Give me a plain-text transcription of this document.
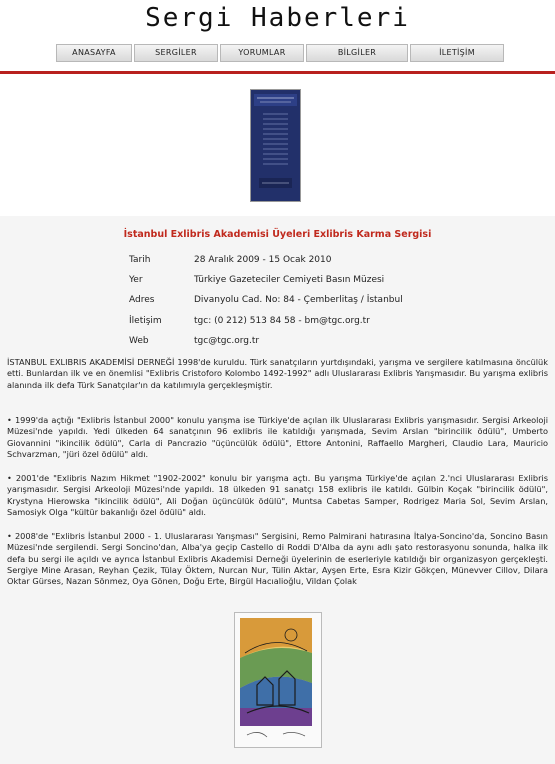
Sergi Haberleri
ANASAYFA	SERGİLER	YORUMLAR	BİLGİLER	İLETİŞİM
İstanbul Exlibris Akademisi Üyeleri Exlibris Karma Sergisi
Tarih	28 Aralık 2009 - 15 Ocak 2010
Yer	Türkiye Gazeteciler Cemiyeti Basın Müzesi
Adres	Divanyolu Cad. No: 84 - Çemberlitaş / İstanbul
İletişim	tgc: (0 212) 513 84 58 - bm@tgc.org.tr
Web	tgc@tgc.org.tr

İSTANBUL EXLIBRIS AKADEMİSİ DERNEĞİ 1998'de kuruldu. Türk sanatçıların yurtdışındaki, yarışma ve sergilere katılmasına öncülük etti. Bunlardan ilk ve en önemlisi "Exlibris Cristoforo Kolombo 1492-1992" adlı Uluslararası Exlibris Yarışmasıdır. Bu yarışma exlibris alanında ilk defa Türk Sanatçılar'ın da katılımıyla gerçekleşmiştir.

• 1999'da açtığı "Exlibris İstanbul 2000" konulu yarışma ise Türkiye'de açılan ilk Uluslararası Exlibris yarışmasıdır. Sergisi Arkeoloji Müzesi'nde yapıldı. Yedi ülkeden 64 sanatçının 96 exlibris ile katıldığı yarışmada, Sevim Arslan "birincilik ödülü", Umberto Giovannini "ikincilik ödülü", Carla di Pancrazio "üçüncülük ödülü", Ettore Antonini, Raffaello Margheri, Claudio Lara, Mauricio Schvarzman, "jüri özel ödülü" aldı.

• 2001'de "Exlibris Nazım Hikmet "1902-2002" konulu bir yarışma açtı. Bu yarışma Türkiye'de açılan 2.'nci Uluslararası Exlibris yarışmasıdır. Sergisi Arkeoloji Müzesi'nde yapıldı. 18 ülkeden 91 sanatçı 158 exlibris ile katıldı. Gülbin Koçak "birincilik ödülü", Krystyna Hierowska "ikincilik ödülü", Ali Doğan üçüncülük ödülü", Muntsa Cabetas Samper, Rodrigez Maria Sol, Sevim Arslan, Samosiyk Olga "kültür bakanlığı özel ödülü" aldı.

• 2008'de "Exlibris İstanbul 2000 - 1. Uluslararası Yarışması" Sergisini, Remo Palmirani hatırasına İtalya-Soncino'da, Soncino Basın Müzesi'nde sergilendi. Sergi Soncino'dan, Alba'ya geçip Castello di Roddi D'Alba da aynı adlı şato restorasyonu sonunda, halka ilk defa bu sergi ile açıldı ve ayrıca İstanbul Exlibris Akademisi Derneği üyelerinin de eserleriyle katıldığı bir organizasyon gerçekleşti. Sergiye Mine Arasan, Reyhan Çezik, Tülay Öktem, Nurcan Nur, Tülin Aktar, Ayşen Erte, Esra Kizir Gökçen, Münevver Cillov, Dilara Oktar Gürses, Nazan Sönmez, Oya Gönen, Doğu Erte, Birgül Hacıalioğlu, Vildan Çolak
